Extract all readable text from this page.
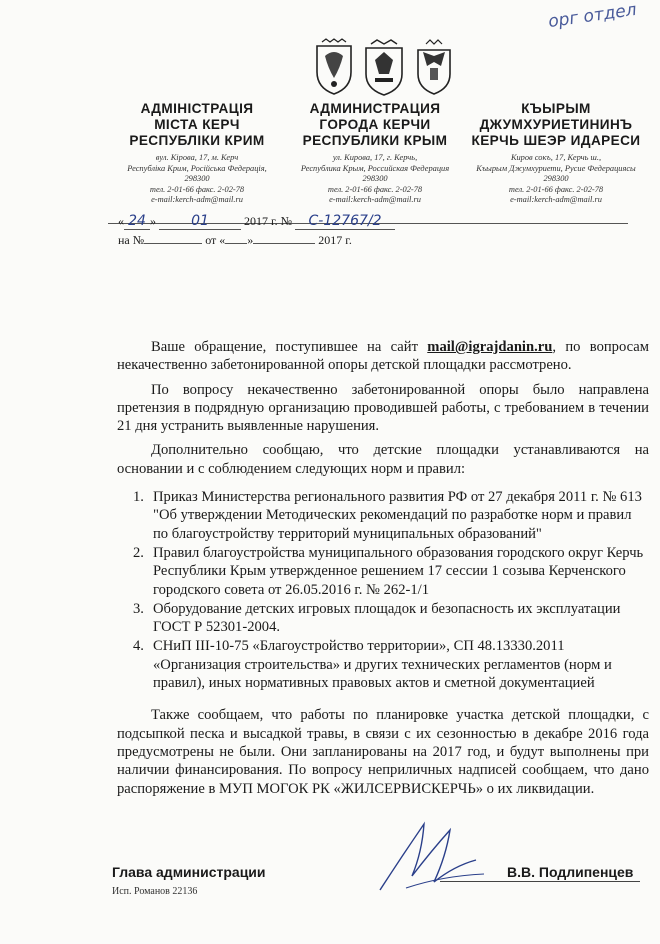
орг отдел
АДМІНІСТРАЦІЯ
МІСТА КЕРЧ
РЕСПУБЛІКИ КРИМ
вул. Кірова, 17, м. Керч
Республіка Крим, Російська Федерація,
298300
тел. 2-01-66 факс. 2-02-78
e-mail:kerch-adm@mail.ru
АДМИНИСТРАЦИЯ
ГОРОДА КЕРЧИ
РЕСПУБЛИКИ КРЫМ
ул. Кирова, 17, г. Керчь,
Республика Крым, Российская Федерация
298300
тел. 2-01-66 факс. 2-02-78
e-mail:kerch-adm@mail.ru
КЪЫРЫМ
ДЖУМХУРИЕТИНИНЪ
КЕРЧЬ ШЕЭР ИДАРЕСИ
Киров сокъ, 17, Керчь ш.,
Къырым Джумхуриети, Русие Федерациясы
298300
тел. 2-01-66 факс. 2-02-78
e-mail:kerch-adm@mail.ru
« 24 »	01	2017 г. № С-12767/2
на №	от « »	2017 г.

Ваше обращение, поступившее на сайт mail@igrajdanin.ru, по вопросам некачественно забетонированной опоры детской площадки рассмотрено.

По вопросу некачественно забетонированной опоры было направлена претензия в подрядную организацию проводившей работы, с требованием в течении 21 дня устранить выявленные нарушения.

Дополнительно сообщаю, что детские площадки устанавливаются на основании и с соблюдением следующих норм и правил:

1. Приказ Министерства регионального развития РФ от 27 декабря 2011 г. № 613 "Об утверждении Методических рекомендаций по разработке норм и правил по благоустройству территорий муниципальных образований"
2. Правил благоустройства муниципального образования городского округ Керчь Республики Крым утвержденное решением 17 сессии 1 созыва Керченского городского совета от 26.05.2016 г. № 262-1/1
3. Оборудование детских игровых площадок и безопасность их эксплуатации ГОСТ Р 52301-2004.
4. СНиП III-10-75 «Благоустройство территории», СП 48.13330.2011 «Организация строительства» и других технических регламентов (норм и правил), иных нормативных правовых актов и сметной документацией

Также сообщаем, что работы по планировке участка детской площадки, с подсыпкой песка и высадкой травы, в связи с их сезонностью в декабре 2016 года предусмотрены не были. Они запланированы на 2017 год, и будут выполнены при наличии финансирования. По вопросу неприличных надписей сообщаем, что дано распоряжение в МУП МОГОК РК «ЖИЛСЕРВИСКЕРЧЬ» о их ликвидации.

Глава администрации	В.В. Подлипенцев
Исп. Романов 22136
